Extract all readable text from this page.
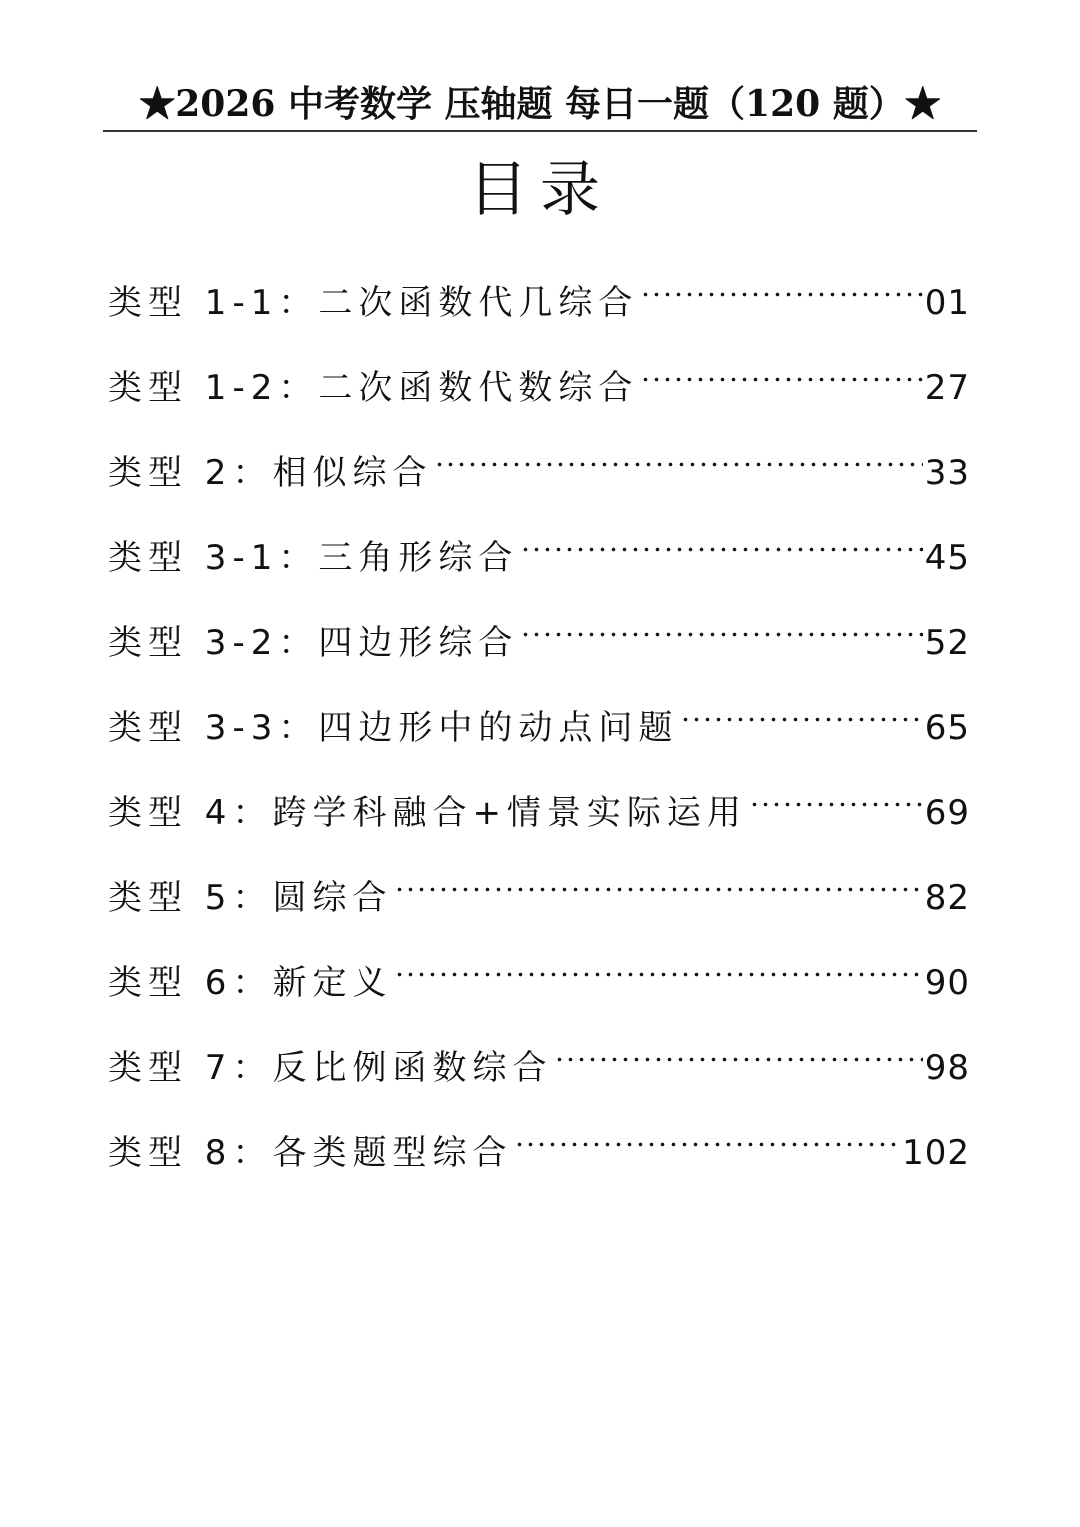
★2026 中考数学 压轴题 每日一题（120 题）★
目录
类型 1-1：二次函数代几综合	01
类型 1-2：二次函数代数综合	27
类型 2：相似综合	33
类型 3-1：三角形综合	45
类型 3-2：四边形综合	52
类型 3-3：四边形中的动点问题	65
类型 4：跨学科融合+情景实际运用	69
类型 5：圆综合	82
类型 6：新定义	90
类型 7：反比例函数综合	98
类型 8：各类题型综合	102
